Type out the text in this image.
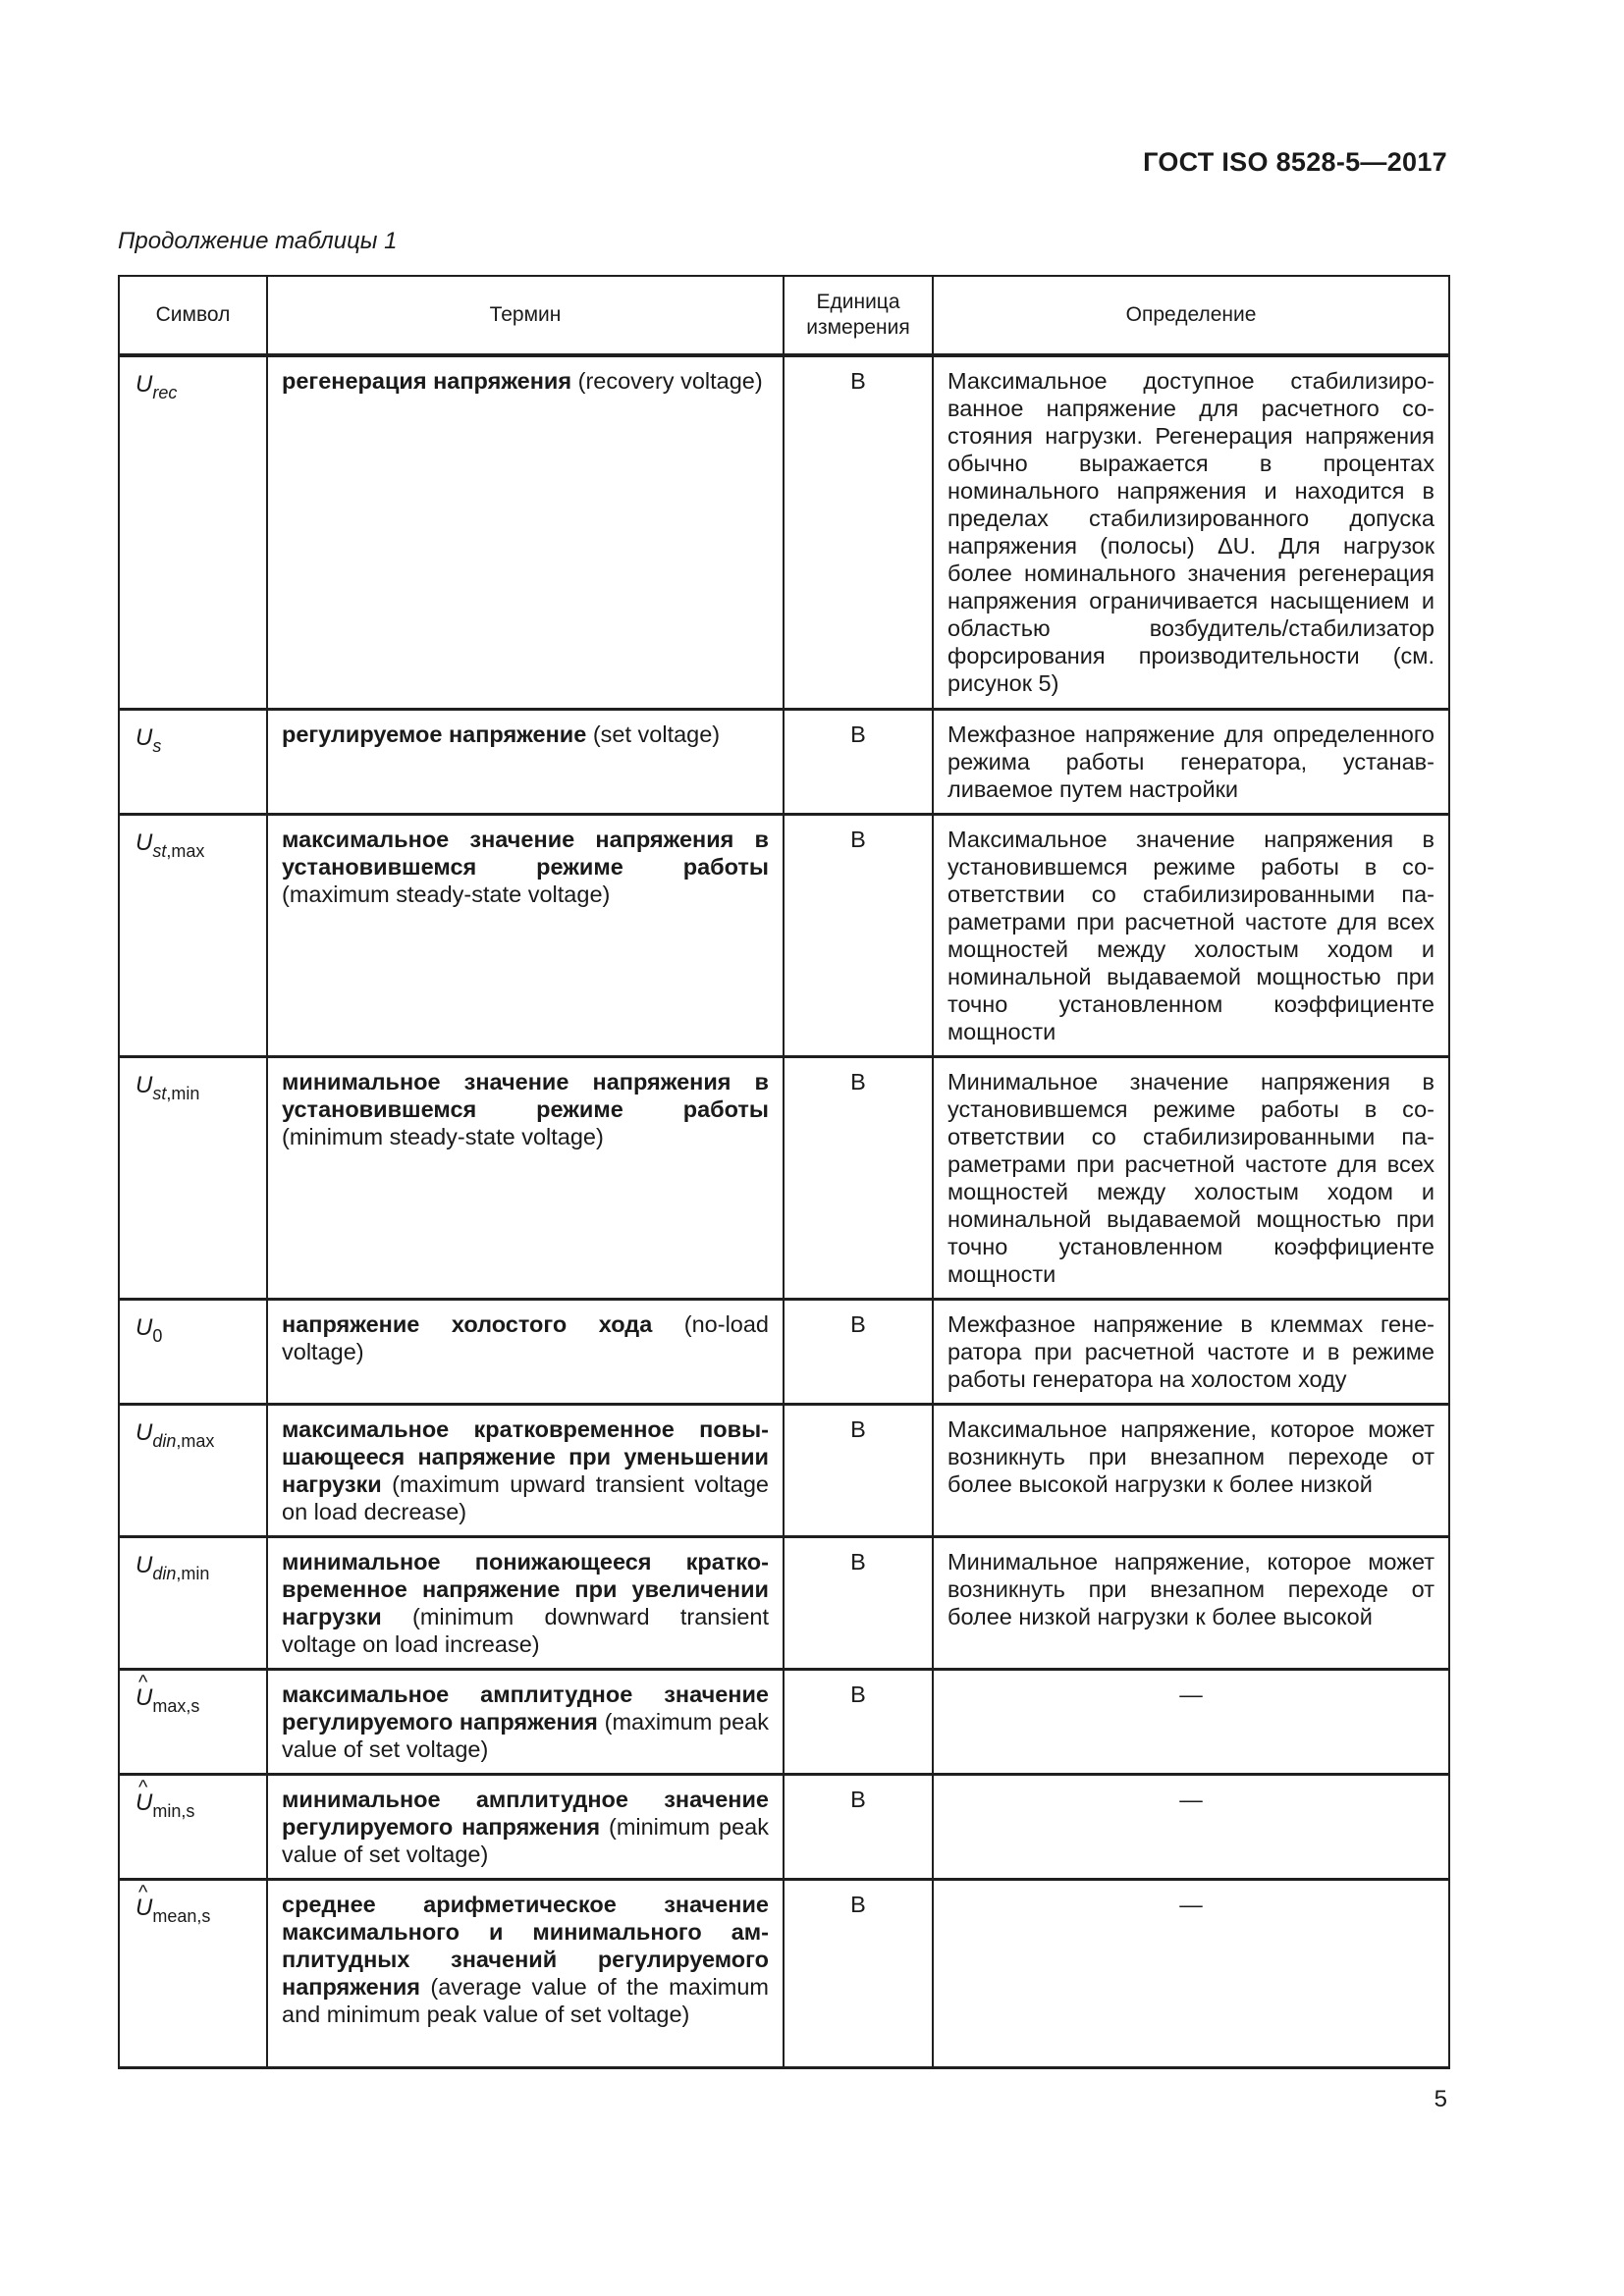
ГОСТ ISO 8528-5—2017
Продолжение таблицы 1
Символ	Термин	Единица измерения	Определение
$U_{rec}$	регенерация напряжения (recovery voltage)	В	Максимальное доступное стабилизированное напряжение для расчетного состояния нагрузки. Регенерация напряжения обычно выражается в процентах номинального напряжения и находится в пределах стабилизированного допуска напряжения (полосы) ΔU. Для нагрузок более номинального значения регенерация напряжения ограничивается насыщением и областью возбудитель/стабилизатор форсирования производительности (см. рисунок 5)
$U_s$	регулируемое напряжение (set voltage)	В	Межфазное напряжение для определенного режима работы генератора, устанавливаемое путем настройки
$U_{st,max}$	максимальное значение напряжения в установившемся режиме работы (maximum steady-state voltage)	В	Максимальное значение напряжения в установившемся режиме работы в соответствии со стабилизированными параметрами при расчетной частоте для всех мощностей между холостым ходом и номинальной выдаваемой мощностью при точно установленном коэффициенте мощности
$U_{st,min}$	минимальное значение напряжения в установившемся режиме работы (minimum steady-state voltage)	В	Минимальное значение напряжения в установившемся режиме работы в соответствии со стабилизированными параметрами при расчетной частоте для всех мощностей между холостым ходом и номинальной выдаваемой мощностью при точно установленном коэффициенте мощности
$U_0$	напряжение холостого хода (no-load voltage)	В	Межфазное напряжение в клеммах генератора при расчетной частоте и в режиме работы генератора на холостом ходу
$U_{din,max}$	максимальное кратковременное повышающееся напряжение при уменьшении нагрузки (maximum upward transient voltage on load decrease)	В	Максимальное напряжение, которое может возникнуть при внезапном переходе от более высокой нагрузки к более низкой
$U_{din,min}$	минимальное понижающееся кратковременное напряжение при увеличении нагрузки (minimum downward transient voltage on load increase)	В	Минимальное напряжение, которое может возникнуть при внезапном переходе от более низкой нагрузки к более высокой
^ $U_{max,s}$	максимальное амплитудное значение регулируемого напряжения (maximum peak value of set voltage)	В	—
^ $U_{min,s}$	минимальное амплитудное значение регулируемого напряжения (minimum peak value of set voltage)	В	—
^ $U_{mean,s}$	среднее арифметическое значение максимального и минимального амплитудных значений регулируемого напряжения (average value of the maximum and minimum peak value of set voltage)	В	—
5
